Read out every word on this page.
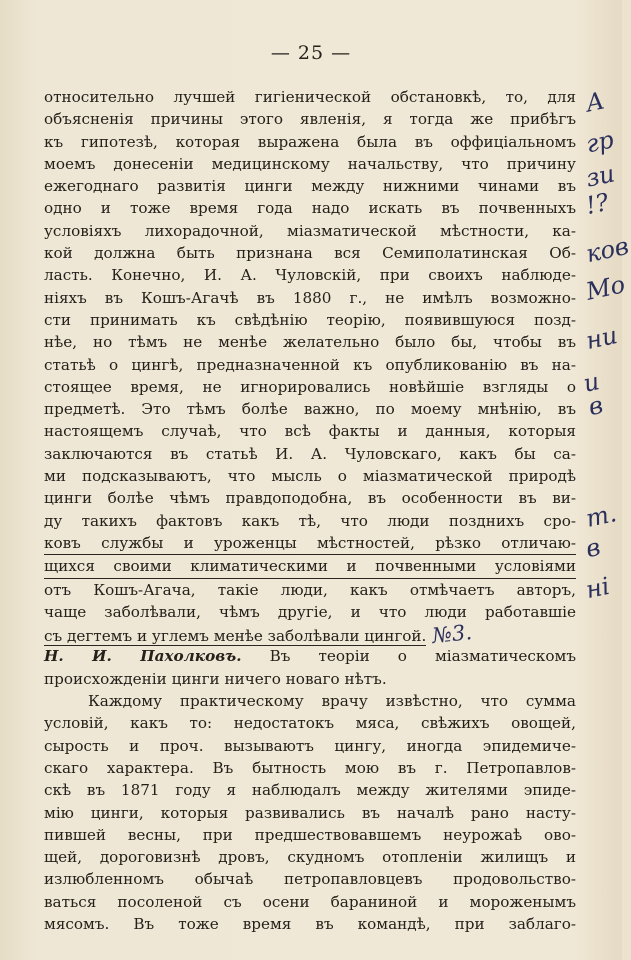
— 25 —
относительно лучшей гигіенической обстановкѣ, то, для
объясненія причины этого явленія, я тогда же прибѣгъ
къ гипотезѣ, которая выражена была въ оффиціальномъ
моемъ донесеніи медицинскому начальству, что причину
ежегоднаго развитія цинги между нижними чинами въ
одно и тоже время года надо искать въ почвенныхъ
условіяхъ лихорадочной, міазматической мѣстности, ка-
кой должна быть признана вся Семиполатинская Об-
ласть. Конечно, И. А. Чуловскій, при своихъ наблюде-
ніяхъ въ Кошъ-Агачѣ въ 1880 г., не имѣлъ возможно-
сти принимать къ свѣдѣнію теорію, появившуюся позд-
нѣе, но тѣмъ не менѣе желательно было бы, чтобы въ
статьѣ о цингѣ, предназначенной къ опубликованію въ на-
стоящее время, не игнорировались новѣйшіе взгляды о
предметѣ. Это тѣмъ болѣе важно, по моему мнѣнію, въ
настоящемъ случаѣ, что всѣ факты и данныя, которыя
заключаются въ статьѣ И. А. Чуловскаго, какъ бы са-
ми подсказываютъ, что мысль о міазматической природѣ
цинги болѣе чѣмъ правдоподобна, въ особенности въ ви-
ду такихъ фактовъ какъ тѣ, что люди позднихъ сро-
ковъ службы и уроженцы мѣстностей, рѣзко отличаю-
щихся своими климатическими и почвенными условіями
отъ Кошъ-Агача, такіе люди, какъ отмѣчаетъ авторъ,
чаще заболѣвали, чѣмъ другіе, и что люди работавшіе
съ дегтемъ и углемъ менѣе заболѣвали цингой. №3.
Н. И. Пахолковъ. Въ теоріи о міазматическомъ
происхожденіи цинги ничего новаго нѣтъ.
Каждому практическому врачу извѣстно, что сумма
условій, какъ то: недостатокъ мяса, свѣжихъ овощей,
сырость и проч. вызываютъ цингу, иногда эпидемиче-
скаго характера. Въ бытность мою въ г. Петропавлов-
скѣ въ 1871 году я наблюдалъ между жителями эпиде-
мію цинги, которыя развивались въ началѣ рано насту-
пившей весны, при предшествовавшемъ неурожаѣ ово-
щей, дороговизнѣ дровъ, скудномъ отопленіи жилищъ и
излюбленномъ обычаѣ петропавловцевъ продовольство-
ваться посоленой съ осени бараниной и мороженымъ
мясомъ. Въ тоже время въ командѣ, при заблаго-
А
гр
зи
!?
ков
Мо
ни
и в
т.
в
ні
